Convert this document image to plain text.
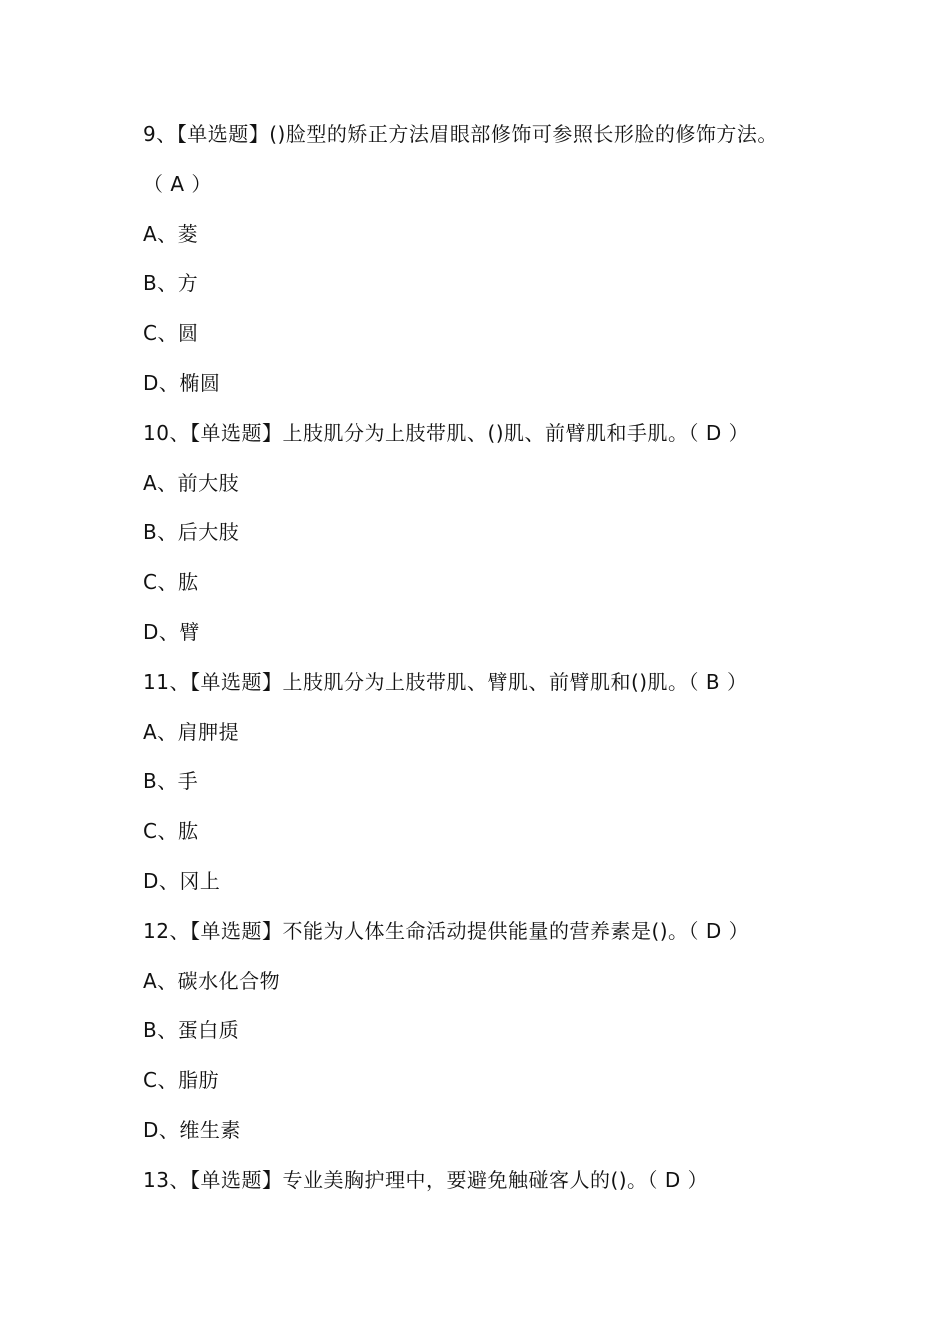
9、【单选题】()脸型的矫正方法眉眼部修饰可参照长形脸的修饰方法。
（ A ）
A、菱
B、方
C、圆
D、椭圆
10、【单选题】上肢肌分为上肢带肌、()肌、前臂肌和手肌。（ D ）
A、前大肢
B、后大肢
C、肱
D、臂
11、【单选题】上肢肌分为上肢带肌、臂肌、前臂肌和()肌。（ B ）
A、肩胛提
B、手
C、肱
D、冈上
12、【单选题】不能为人体生命活动提供能量的营养素是()。（ D ）
A、碳水化合物
B、蛋白质
C、脂肪
D、维生素
13、【单选题】专业美胸护理中，要避免触碰客人的()。（ D ）
